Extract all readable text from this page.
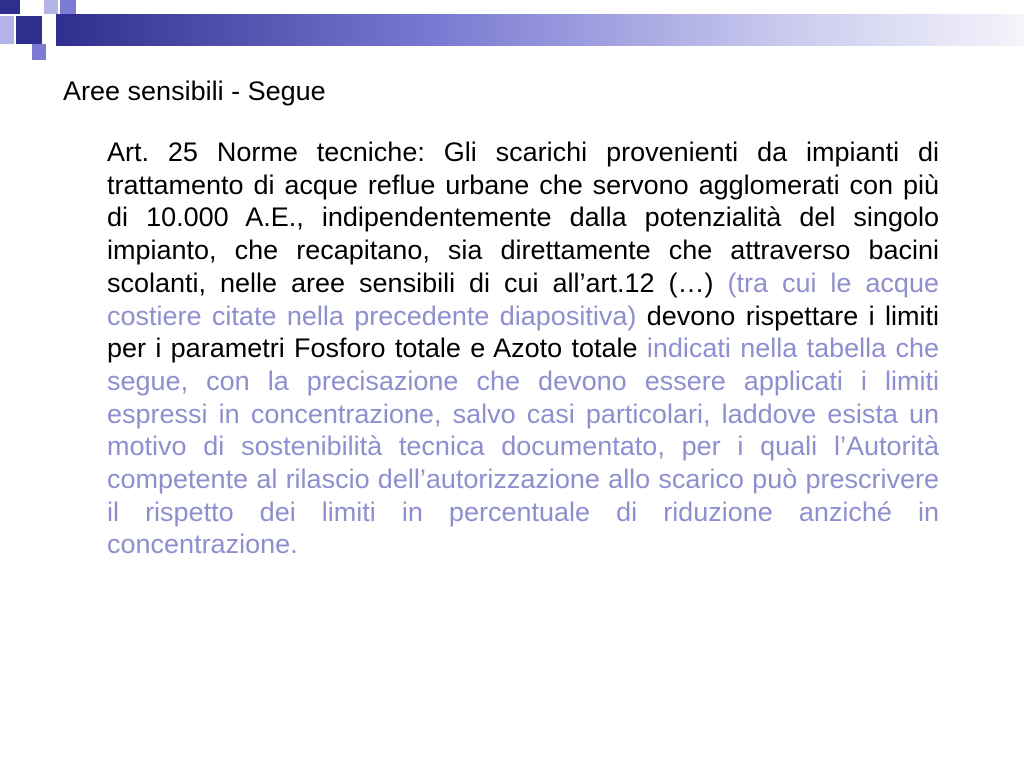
Aree sensibili - Segue

Art. 25 Norme tecniche: Gli scarichi provenienti da impianti di trattamento di acque reflue urbane che servono agglomerati con più di 10.000 A.E., indipendentemente dalla potenzialità del singolo impianto, che recapitano, sia direttamente che attraverso bacini scolanti, nelle aree sensibili di cui all’art.12 (…) (tra cui le acque costiere citate nella precedente diapositiva) devono rispettare i limiti per i parametri Fosforo totale e Azoto totale indicati nella tabella che segue, con la precisazione che devono essere applicati i limiti espressi in concentrazione, salvo casi particolari, laddove esista un motivo di sostenibilità tecnica documentato, per i quali l’Autorità competente al rilascio dell’autorizzazione allo scarico può prescrivere il rispetto dei limiti in percentuale di riduzione anziché in concentrazione.
